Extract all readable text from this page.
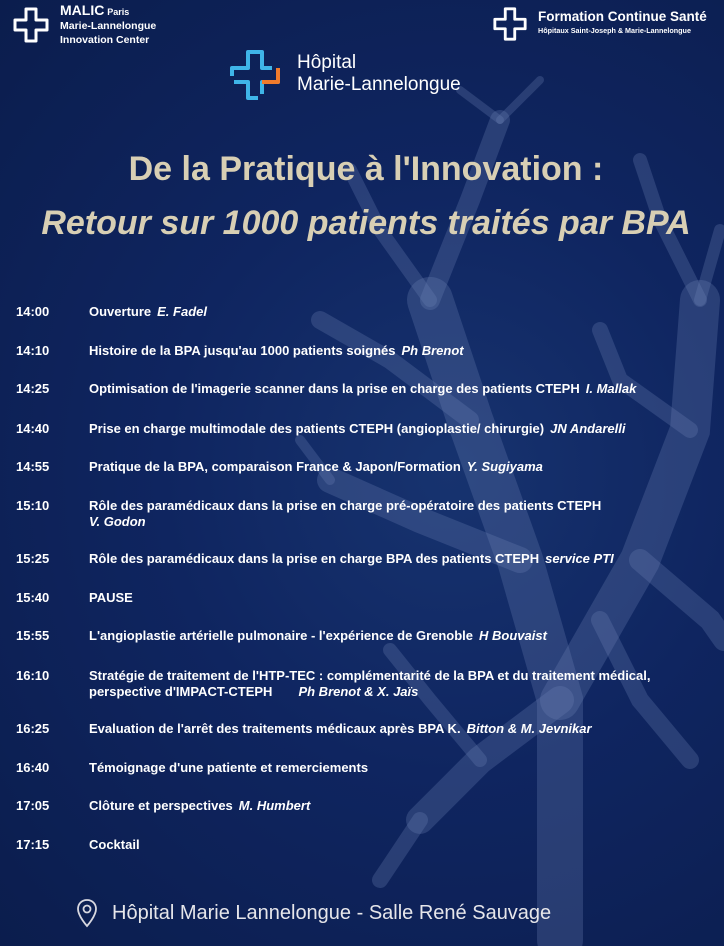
MALIC Paris
Marie-Lannelongue
Innovation Center
Formation Continue Santé
Hôpitaux Saint-Joseph & Marie-Lannelongue
Hôpital
Marie-Lannelongue
De la Pratique à l'Innovation :
Retour sur 1000 patients traités par BPA
14:00	Ouverture E. Fadel
14:10	Histoire de la BPA jusqu'au 1000 patients soignés Ph Brenot
14:25	Optimisation de l'imagerie scanner dans la prise en charge des patients CTEPH I. Mallak
14:40	Prise en charge multimodale des patients CTEPH (angioplastie/ chirurgie) JN Andarelli
14:55	Pratique de la BPA, comparaison France & Japon/Formation Y. Sugiyama
15:10	Rôle des paramédicaux dans la prise en charge pré-opératoire des patients CTEPH
V. Godon
15:25	Rôle des paramédicaux dans la prise en charge BPA des patients CTEPH service PTI
15:40	PAUSE
15:55	L'angioplastie artérielle pulmonaire - l'expérience de Grenoble H Bouvaist
16:10	Stratégie de traitement de l'HTP-TEC : complémentarité de la BPA et du traitement médical, perspective d'IMPACT-CTEPH Ph Brenot & X. Jaïs
16:25	Evaluation de l'arrêt des traitements médicaux après BPA K. Bitton & M. Jevnikar
16:40	Témoignage d'une patiente et remerciements
17:05	Clôture et perspectives M. Humbert
17:15	Cocktail
Hôpital Marie Lannelongue - Salle René Sauvage
